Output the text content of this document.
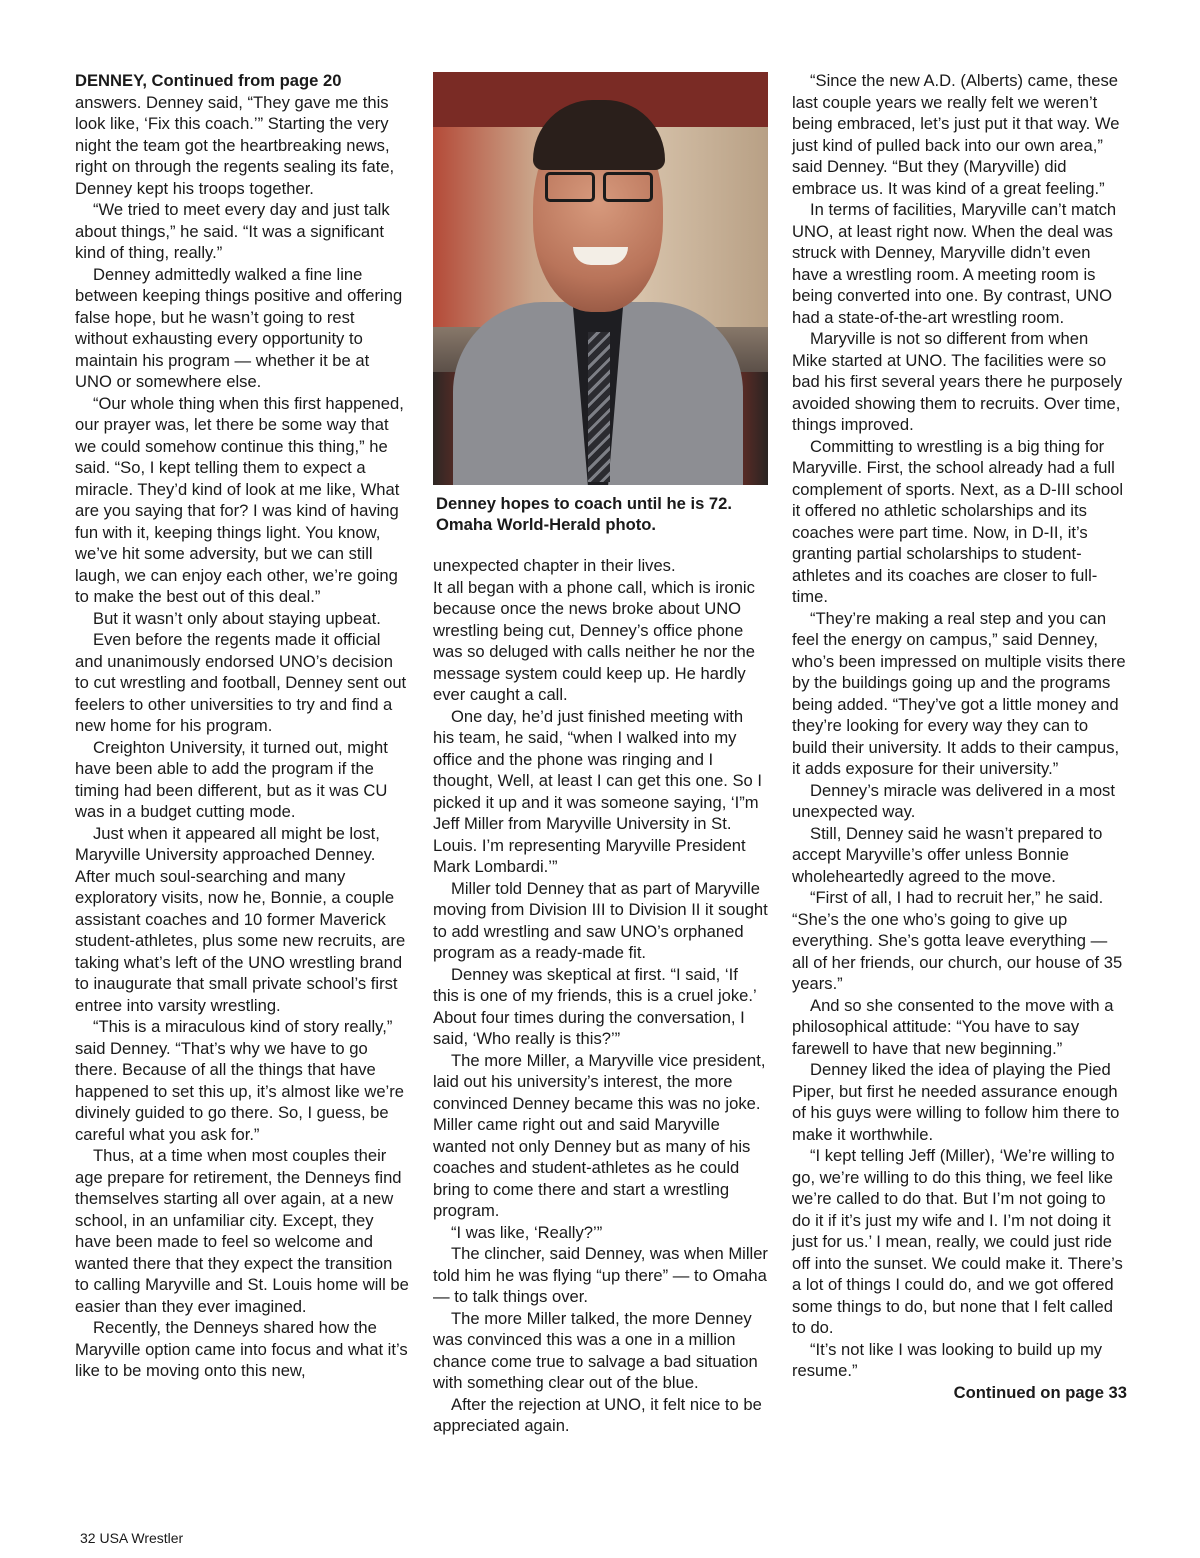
DENNEY, Continued from page 20

answers. Denney said, “They gave me this look like, ‘Fix this coach.’” Starting the very night the team got the heartbreaking news, right on through the regents sealing its fate, Denney kept his troops together.

“We tried to meet every day and just talk about things,” he said. “It was a significant kind of thing, really.”

Denney admittedly walked a fine line between keeping things positive and offering false hope, but he wasn’t going to rest without exhausting every opportunity to maintain his program — whether it be at UNO or somewhere else.

“Our whole thing when this first happened, our prayer was, let there be some way that we could somehow continue this thing,” he said. “So, I kept telling them to expect a miracle. They’d kind of look at me like, What are you saying that for? I was kind of having fun with it, keeping things light. You know, we’ve hit some adversity, but we can still laugh, we can enjoy each other, we’re going to make the best out of this deal.”

But it wasn’t only about staying upbeat.

Even before the regents made it official and unanimously endorsed UNO’s decision to cut wrestling and football, Denney sent out feelers to other universities to try and find a new home for his program.

Creighton University, it turned out, might have been able to add the program if the timing had been different, but as it was CU was in a budget cutting mode.

Just when it appeared all might be lost, Maryville University approached Denney. After much soul-searching and many exploratory visits, now he, Bonnie, a couple assistant coaches and 10 former Maverick student-athletes, plus some new recruits, are taking what’s left of the UNO wrestling brand to inaugurate that small private school’s first entree into varsity wrestling.

“This is a miraculous kind of story really,” said Denney. “That’s why we have to go there. Because of all the things that have happened to set this up, it’s almost like we’re divinely guided to go there. So, I guess, be careful what you ask for.”

Thus, at a time when most couples their age prepare for retirement, the Denneys find themselves starting all over again, at a new school, in an unfamiliar city. Except, they have been made to feel so welcome and wanted there that they expect the transition to calling Maryville and St. Louis home will be easier than they ever imagined.

Recently, the Denneys shared how the Maryville option came into focus and what it’s like to be moving onto this new,

Denney hopes to coach until he is 72.
Omaha World-Herald photo.

unexpected chapter in their lives.

It all began with a phone call, which is ironic because once the news broke about UNO wrestling being cut, Denney’s office phone was so deluged with calls neither he nor the message system could keep up. He hardly ever caught a call.

One day, he’d just finished meeting with his team, he said, “when I walked into my office and the phone was ringing and I thought, Well, at least I can get this one. So I picked it up and it was someone saying, ‘I”m Jeff Miller from Maryville University in St. Louis. I’m representing Maryville President Mark Lombardi.’”

Miller told Denney that as part of Maryville moving from Division III to Division II it sought to add wrestling and saw UNO’s orphaned program as a ready-made fit.

Denney was skeptical at first. “I said, ‘If this is one of my friends, this is a cruel joke.’ About four times during the conversation, I said, ‘Who really is this?’”

The more Miller, a Maryville vice president, laid out his university’s interest, the more convinced Denney became this was no joke. Miller came right out and said Maryville wanted not only Denney but as many of his coaches and student-athletes as he could bring to come there and start a wrestling program.

“I was like, ‘Really?’”

The clincher, said Denney, was when Miller told him he was flying “up there” — to Omaha — to talk things over.

The more Miller talked, the more Denney was convinced this was a one in a million chance come true to salvage a bad situation with something clear out of the blue.

After the rejection at UNO, it felt nice to be appreciated again.

“Since the new A.D. (Alberts) came, these last couple years we really felt we weren’t being embraced, let’s just put it that way. We just kind of pulled back into our own area,” said Denney. “But they (Maryville) did embrace us. It was kind of a great feeling.”

In terms of facilities, Maryville can’t match UNO, at least right now. When the deal was struck with Denney, Maryville didn’t even have a wrestling room. A meeting room is being converted into one. By contrast, UNO had a state-of-the-art wrestling room.

Maryville is not so different from when Mike started at UNO. The facilities were so bad his first several years there he purposely avoided showing them to recruits. Over time, things improved.

Committing to wrestling is a big thing for Maryville. First, the school already had a full complement of sports. Next, as a D-III school it offered no athletic scholarships and its coaches were part time. Now, in D-II, it’s granting partial scholarships to student-athletes and its coaches are closer to full-time.

“They’re making a real step and you can feel the energy on campus,” said Denney, who’s been impressed on multiple visits there by the buildings going up and the programs being added. “They’ve got a little money and they’re looking for every way they can to build their university. It adds to their campus, it adds exposure for their university.”

Denney’s miracle was delivered in a most unexpected way.

Still, Denney said he wasn’t prepared to accept Maryville’s offer unless Bonnie wholeheartedly agreed to the move.

“First of all, I had to recruit her,” he said. “She’s the one who’s going to give up everything. She’s gotta leave everything — all of her friends, our church, our house of 35 years.”

And so she consented to the move with a philosophical attitude: “You have to say farewell to have that new beginning.”

Denney liked the idea of playing the Pied Piper, but first he needed assurance enough of his guys were willing to follow him there to make it worthwhile.

“I kept telling Jeff (Miller), ‘We’re willing to go, we’re willing to do this thing, we feel like we’re called to do that. But I’m not going to do it if it’s just my wife and I. I’m not doing it just for us.’ I mean, really, we could just ride off into the sunset. We could make it. There’s a lot of things I could do, and we got offered some things to do, but none that I felt called to do.

“It’s not like I was looking to build up my resume.”

Continued on page 33

32 USA Wrestler
